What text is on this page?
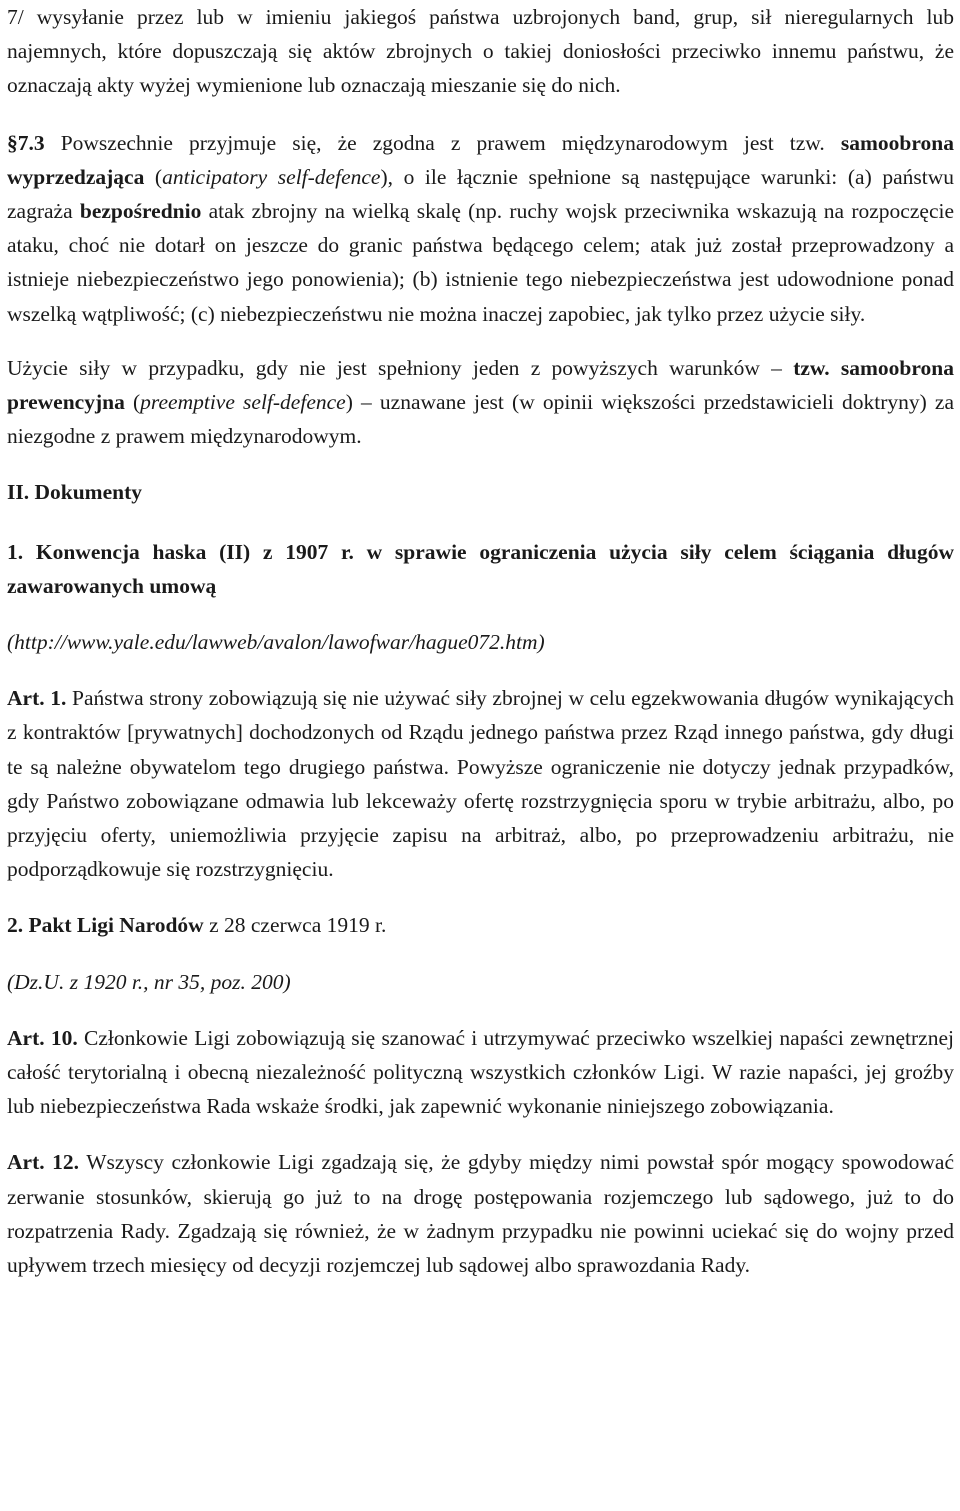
7/ wysyłanie przez lub w imieniu jakiegoś państwa uzbrojonych band, grup, sił nieregularnych lub najemnych, które dopuszczają się aktów zbrojnych o takiej doniosłości przeciwko innemu państwu, że oznaczają akty wyżej wymienione lub oznaczają mieszanie się do nich.

§7.3 Powszechnie przyjmuje się, że zgodna z prawem międzynarodowym jest tzw. samoobrona wyprzedzająca (anticipatory self-defence), o ile łącznie spełnione są następujące warunki: (a) państwu zagraża bezpośrednio atak zbrojny na wielką skalę (np. ruchy wojsk przeciwnika wskazują na rozpoczęcie ataku, choć nie dotarł on jeszcze do granic państwa będącego celem; atak już został przeprowadzony a istnieje niebezpieczeństwo jego ponowienia); (b) istnienie tego niebezpieczeństwa jest udowodnione ponad wszelką wątpliwość; (c) niebezpieczeństwu nie można inaczej zapobiec, jak tylko przez użycie siły.

Użycie siły w przypadku, gdy nie jest spełniony jeden z powyższych warunków – tzw. samoobrona prewencyjna (preemptive self-defence) – uznawane jest (w opinii większości przedstawicieli doktryny) za niezgodne z prawem międzynarodowym.

II. Dokumenty

1. Konwencja haska (II) z 1907 r. w sprawie ograniczenia użycia siły celem ściągania długów zawarowanych umową

(http://www.yale.edu/lawweb/avalon/lawofwar/hague072.htm)

Art. 1. Państwa strony zobowiązują się nie używać siły zbrojnej w celu egzekwowania długów wynikających z kontraktów [prywatnych] dochodzonych od Rządu jednego państwa przez Rząd innego państwa, gdy długi te są należne obywatelom tego drugiego państwa. Powyższe ograniczenie nie dotyczy jednak przypadków, gdy Państwo zobowiązane odmawia lub lekceważy ofertę rozstrzygnięcia sporu w trybie arbitrażu, albo, po przyjęciu oferty, uniemożliwia przyjęcie zapisu na arbitraż, albo, po przeprowadzeniu arbitrażu, nie podporządkowuje się rozstrzygnięciu.

2. Pakt Ligi Narodów z 28 czerwca 1919 r.

(Dz.U. z 1920 r., nr 35, poz. 200)

Art. 10. Członkowie Ligi zobowiązują się szanować i utrzymywać przeciwko wszelkiej napaści zewnętrznej całość terytorialną i obecną niezależność polityczną wszystkich członków Ligi. W razie napaści, jej groźby lub niebezpieczeństwa Rada wskaże środki, jak zapewnić wykonanie niniejszego zobowiązania.

Art. 12. Wszyscy członkowie Ligi zgadzają się, że gdyby między nimi powstał spór mogący spowodować zerwanie stosunków, skierują go już to na drogę postępowania rozjemczego lub sądowego, już to do rozpatrzenia Rady. Zgadzają się również, że w żadnym przypadku nie powinni uciekać się do wojny przed upływem trzech miesięcy od decyzji rozjemczej lub sądowej albo sprawozdania Rady.
